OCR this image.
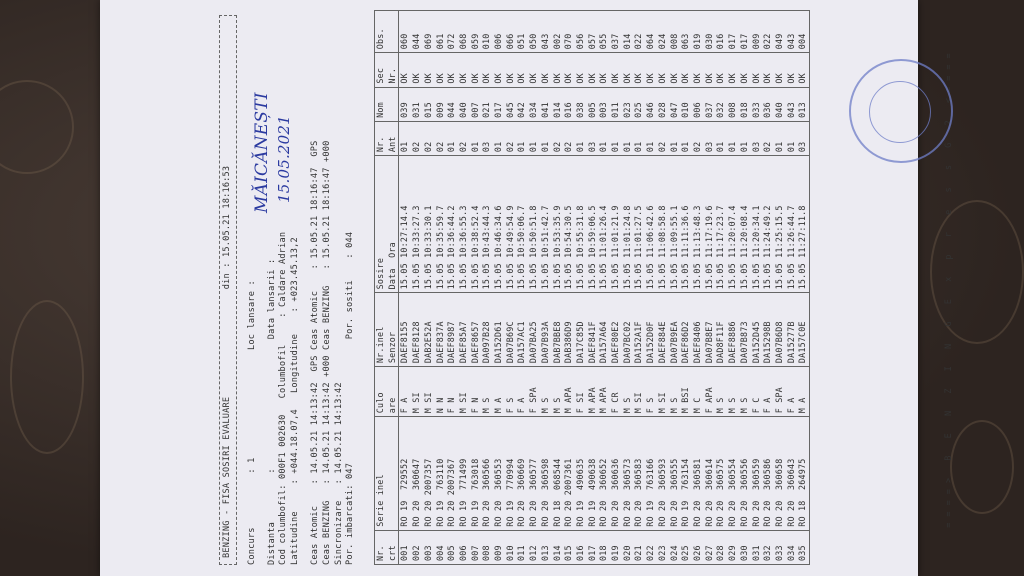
BENZING - FISA SOSIRI EVALUARE                    din : 15.05.21 18:16:53
Concurs          : 1                    Loc lansare :
Distanta         :                        Data lansarii :
Cod columbofil: 000F1 002630   Columbofil     : Caldare Adrian
Latitudine     : +044.18.07,4   Longitudine    : +023.45.13,2
Ceas Atomic    : 14.05.21 14:13:42  GPS Ceas Atomic    : 15.05.21 18:16:47  GPS
Ceas BENZING   : 14.05.21 14:13:42 +000 Ceas BENZING   : 15.05.21 18:16:47 +000
Sincronizare   : 14.05.21 14:13:42 Por. imbarcati: 047                       Por. sositi    : 044
MĂICĂNEȘTI 15.05.2021
Nr.
crt	Serie inel	Culo
are	Nr.inel
Senzor	Sosire
Data  Ora	Nr.
Ant	Nom	Sec
Nr.	Obs.
001	RO 19  729552	F A	DAEF8155	15.05 10:27:14.4	01	039	OK	060
002	RO 20  360647	M SI	DAEF8128	15.05 10:33:27.3	02	031	OK	044
003	RO 20 2007357	M SI	DAB2E52A	15.05 10:33:30.1	02	015	OK	069
004	RO 19  763110	N N	DAEF837A	15.05 10:35:59.7	02	009	OK	061
005	RO 20 2007367	F N	DAEF8987	15.05 10:36:44.2	01	044	OK	072
006	RO 19  771499	M SI	DAEF85A7	15.05 10:36:55.3	02	040	OK	068
007	RO 19  763018	F N	DAEF8657	15.05 10:38:52.4	01	007	OK	059
008	RO 20  360566	M S	DA097B28	15.05 10:43:44.3	03	021	OK	010
009	RO 20  360553	M A	DA152D61	15.05 10:46:34.6	01	017	OK	006
010	RO 19  770994	F S	DA07B69C	15.05 10:49:54.9	02	045	OK	066
011	RO 20  360669	F A	DA157AC1	15.05 10:50:06.7	01	042	OK	051
012	RO 20  360577	F SPA	DA07BA25	15.05 10:50:51.8	01	034	OK	050
013	RO 20  360598	M S	DA07B93A	15.05 10:51:42.7	01	041	OK	043
014	RO 18  068544	M S	DAB7BBE8	15.05 10:53:35.9	02	014	OK	002
015	RO 20 2007361	M APA	DAB386D9	15.05 10:54:30.5	02	016	OK	070
016	RO 19  490635	F SI	DA17C85D	15.05 10:55:31.8	01	038	OK	056
017	RO 19  490638	M APA	DAEF841F	15.05 10:59:06.5	03	005	OK	057
018	RO 20  360652	M APA	DA157A64	15.05 11:01:26.4	01	003	OK	055
019	RO 20  360636	F CR	DAEF80E2	15.05 11:01:21.9	01	011	OK	037
020	RO 20  360573	M S	DA07BC02	15.05 11:01:24.8	01	023	OK	014
021	RO 20  360583	M SI	DA152A1F	15.05 11:01:27.5	01	025	OK	022
022	RO 19  763166	F S	DA152D0F	15.05 11:06:42.6	01	046	OK	064
023	RO 20  360593	M SI	DAEF884E	15.05 11:08:58.8	02	028	OK	024
024	RO 20  360555	M S	DA07B9EA	15.05 11:09:55.1	01	047	OK	008
025	RO 19  763154	M BSI	DAEF86D2	15.05 11:11:36.6	01	010	OK	063
026	RO 20  360581	M C	DAEF8406	15.05 11:13:48.3	02	006	OK	019
027	RO 20  360614	F APA	DA07B8E7	15.05 11:17:19.6	03	037	OK	030
028	RO 20  360575	M S	DAD8F11F	15.05 11:17:23.7	01	032	OK	016
029	RO 20  360554	M S	DAEF8886	15.05 11:20:07.4	01	008	OK	017
030	RO 20  360556	M S	DA07B873	15.05 11:20:08.4	01	018	OK	017
031	RO 20  360559	F C	DA152D45	15.05 11:20:34.1	03	033	OK	009
032	RO 20  360586	F A	DA15298B	15.05 11:24:49.2	02	036	OK	022
033	RO 20  360658	F SPA	DA07B6D8	15.05 11:25:15.5	01	040	OK	049
034	RO 20  360643	F A	DA15277B	15.05 11:26:44.7	01	043	OK	043
035	RO 18  264975	M A	DA157C0E	15.05 11:27:11.8	03	013	OK	004
====> B E N Z I N G E x p r e s s G 2 <====
